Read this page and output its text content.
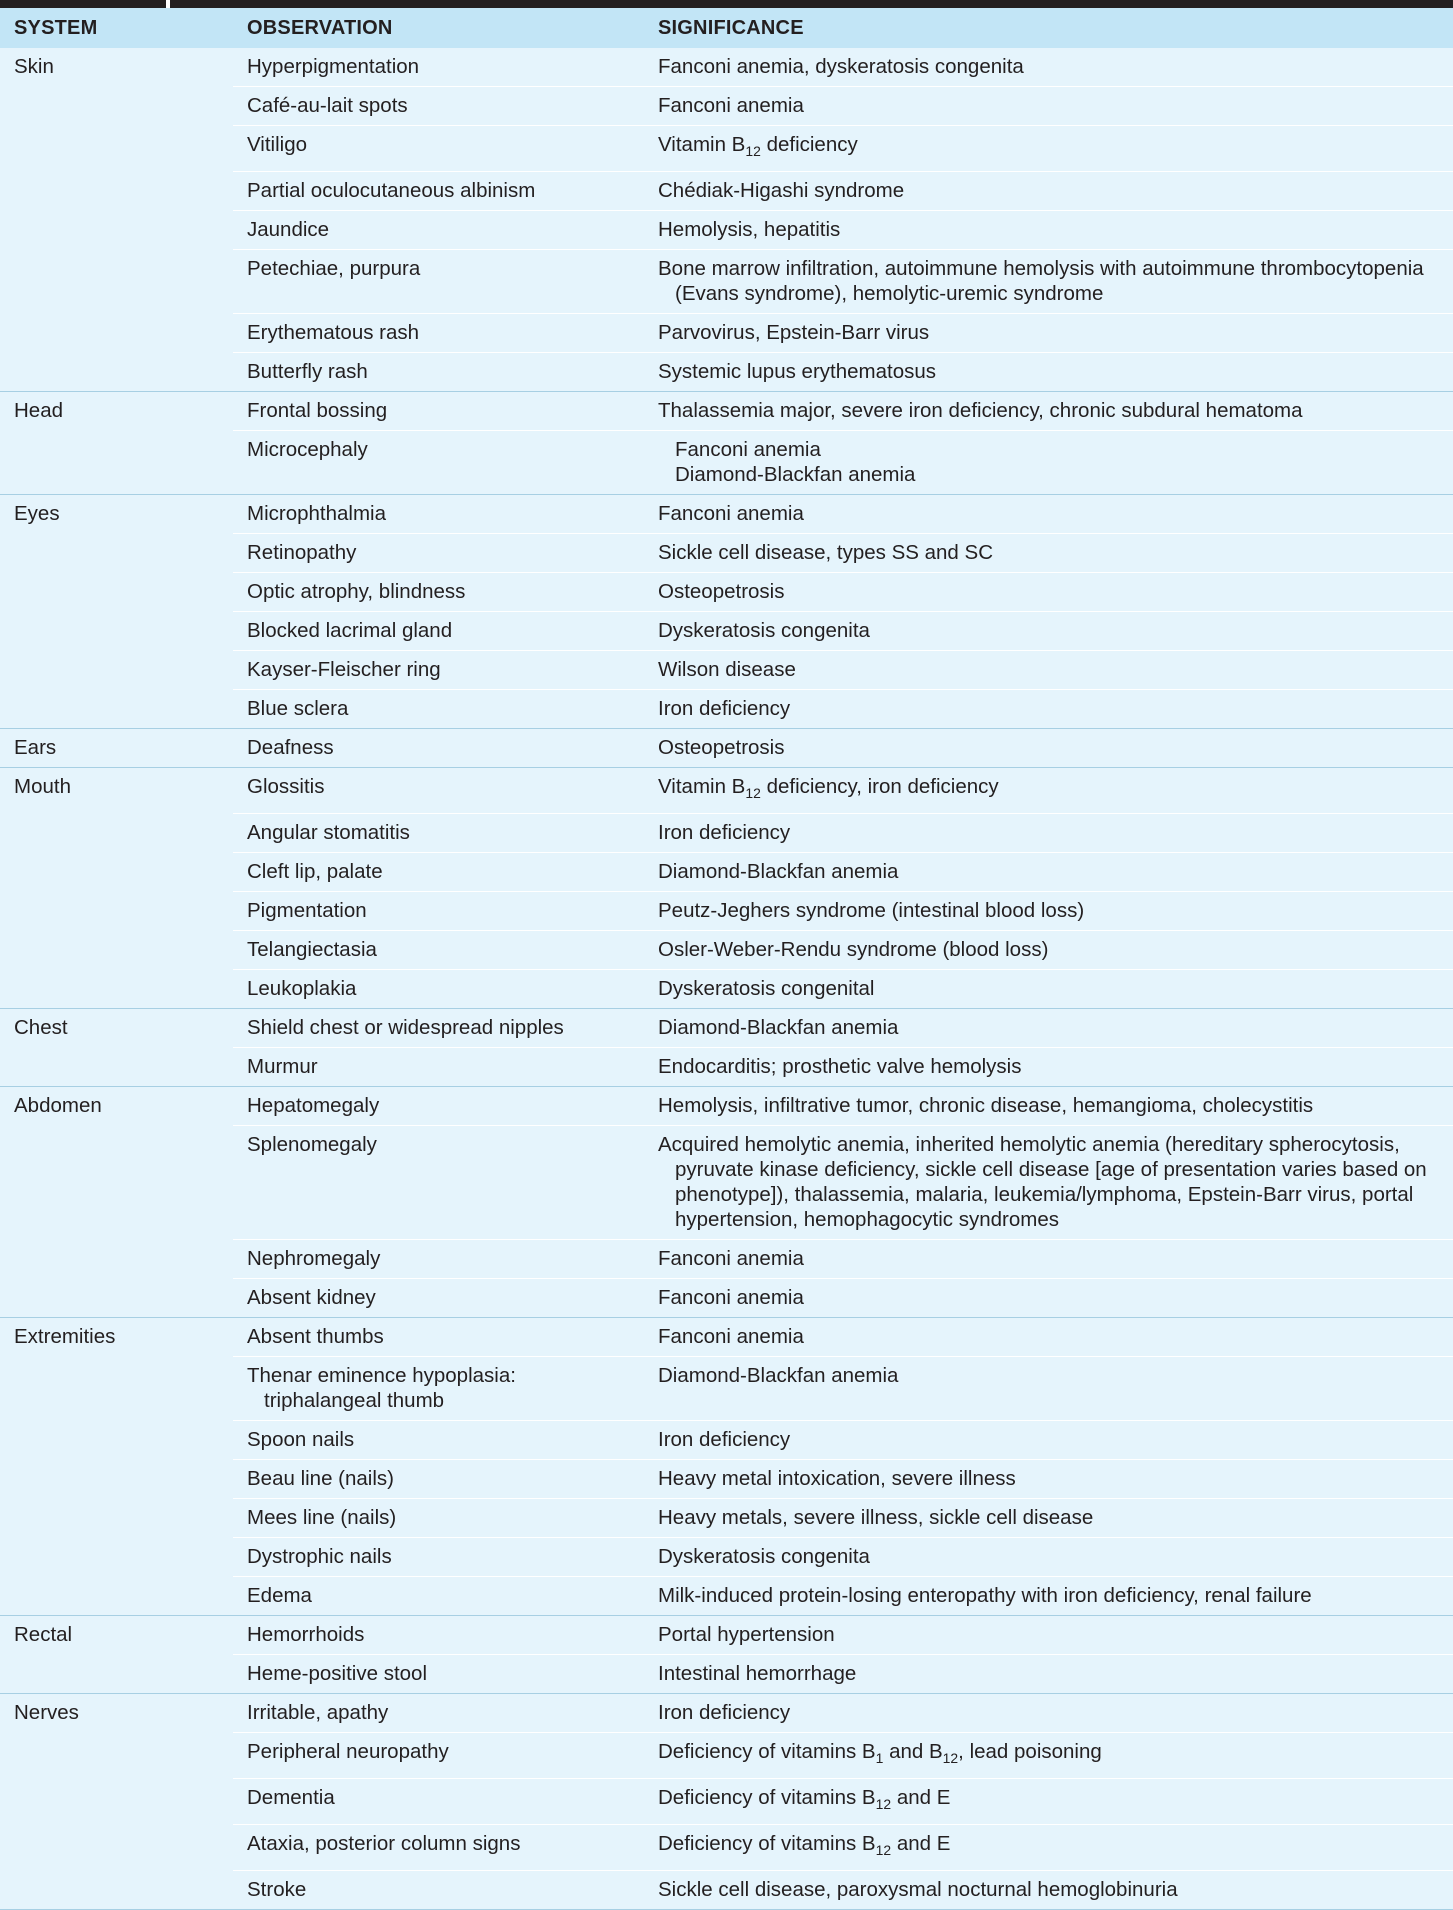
SYSTEM	OBSERVATION	SIGNIFICANCE
Skin	Hyperpigmentation	Fanconi anemia, dyskeratosis congenita

	Café-au-lait spots	Fanconi anemia

	Vitiligo	Vitamin $B_{12}$ deficiency

	Partial oculocutaneous albinism	Chédiak-Higashi syndrome

	Jaundice	Hemolysis, hepatitis

	Petechiae, purpura	Bone marrow infiltration, autoimmune hemolysis with autoimmune thrombocytopenia (Evans syndrome), hemolytic-uremic syndrome

	Erythematous rash	Parvovirus, Epstein-Barr virus

	Butterfly rash	Systemic lupus erythematosus

Head	Frontal bossing	Thalassemia major, severe iron deficiency, chronic subdural hematoma

	Microcephaly	Fanconi anemia
Diamond-Blackfan anemia

Eyes	Microphthalmia	Fanconi anemia

	Retinopathy	Sickle cell disease, types SS and SC

	Optic atrophy, blindness	Osteopetrosis

	Blocked lacrimal gland	Dyskeratosis congenita

	Kayser-Fleischer ring	Wilson disease

	Blue sclera	Iron deficiency

Ears	Deafness	Osteopetrosis

Mouth	Glossitis	Vitamin $B_{12}$ deficiency, iron deficiency

	Angular stomatitis	Iron deficiency

	Cleft lip, palate	Diamond-Blackfan anemia

	Pigmentation	Peutz-Jeghers syndrome (intestinal blood loss)

	Telangiectasia	Osler-Weber-Rendu syndrome (blood loss)

	Leukoplakia	Dyskeratosis congenital

Chest	Shield chest or widespread nipples	Diamond-Blackfan anemia

	Murmur	Endocarditis; prosthetic valve hemolysis

Abdomen	Hepatomegaly	Hemolysis, infiltrative tumor, chronic disease, hemangioma, cholecystitis

	Splenomegaly	Acquired hemolytic anemia, inherited hemolytic anemia (hereditary spherocytosis, pyruvate kinase deficiency, sickle cell disease [age of presentation varies based on phenotype]), thalassemia, malaria, leukemia/lymphoma, Epstein-Barr virus, portal hypertension, hemophagocytic syndromes

	Nephromegaly	Fanconi anemia

	Absent kidney	Fanconi anemia

Extremities	Absent thumbs	Fanconi anemia

	Thenar eminence hypoplasia: triphalangeal thumb	Diamond-Blackfan anemia

	Spoon nails	Iron deficiency

	Beau line (nails)	Heavy metal intoxication, severe illness

	Mees line (nails)	Heavy metals, severe illness, sickle cell disease

	Dystrophic nails	Dyskeratosis congenita

	Edema	Milk-induced protein-losing enteropathy with iron deficiency, renal failure

Rectal	Hemorrhoids	Portal hypertension

	Heme-positive stool	Intestinal hemorrhage

Nerves	Irritable, apathy	Iron deficiency

	Peripheral neuropathy	Deficiency of vitamins $B_1$ and $B_{12}$, lead poisoning

	Dementia	Deficiency of vitamins $B_{12}$ and E

	Ataxia, posterior column signs	Deficiency of vitamins $B_{12}$ and E

	Stroke	Sickle cell disease, paroxysmal nocturnal hemoglobinuria
